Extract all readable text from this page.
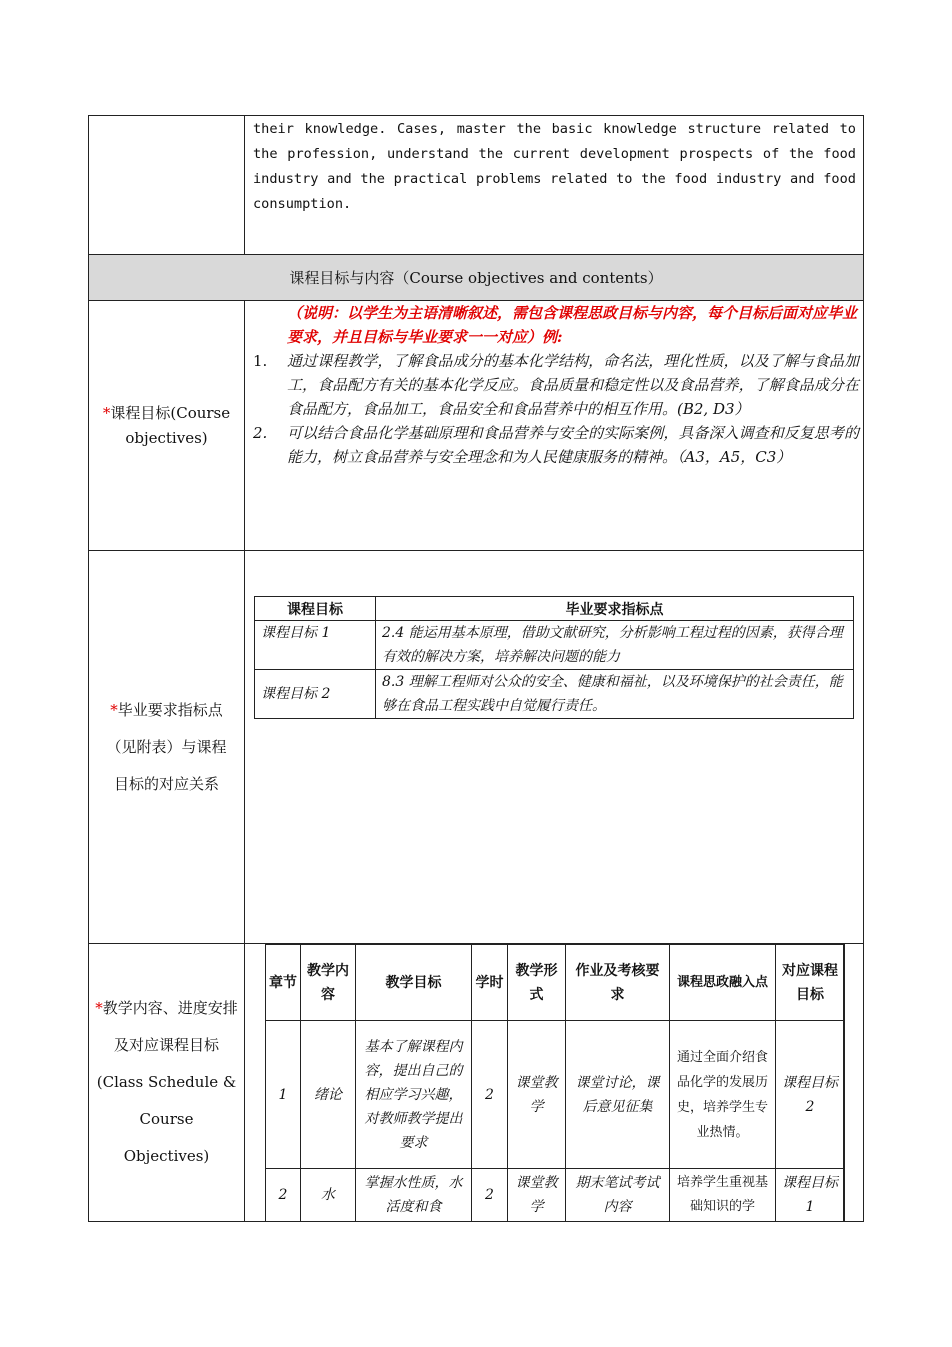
their knowledge. Cases, master the basic knowledge structure related to the profession, understand the current development prospects of the food industry and the practical problems related to the food industry and food consumption.
课程目标与内容（Course objectives and contents）
*课程目标(Course objectives)
（说明：以学生为主语清晰叙述，需包含课程思政目标与内容，每个目标后面对应毕业要求，并且目标与毕业要求一一对应）例:
1.	通过课程教学，了解食品成分的基本化学结构，命名法，理化性质，以及了解与食品加工，食品配方有关的基本化学反应。食品质量和稳定性以及食品营养，了解食品成分在食品配方，食品加工，食品安全和食品营养中的相互作用。(B2, D3）
2.	可以结合食品化学基础原理和食品营养与安全的实际案例，具备深入调查和反复思考的能力，树立食品营养与安全理念和为人民健康服务的精神。（A3，A5，C3）
*毕业要求指标点（见附表）与课程目标的对应关系
课程目标	毕业要求指标点
课程目标 1	2.4 能运用基本原理，借助文献研究，分析影响工程过程的因素，获得合理有效的解决方案，培养解决问题的能力
课程目标 2	8.3 理解工程师对公众的安全、健康和福祉，以及环境保护的社会责任，能够在食品工程实践中自觉履行责任。
*教学内容、进度安排及对应课程目标(Class Schedule & Course Objectives)
章节	教学内容	教学目标	学时	教学形式	作业及考核要求	课程思政融入点	对应课程目标
1	绪论	基本了解课程内容，提出自己的相应学习兴趣，对教师教学提出要求	2	课堂教学	课堂讨论，课后意见征集	通过全面介绍食品化学的发展历史，培养学生专业热情。	课程目标 2
2	水	掌握水性质，水活度和食	2	课堂教学	期末笔试考试内容	培养学生重视基础知识的学	课程目标 1
